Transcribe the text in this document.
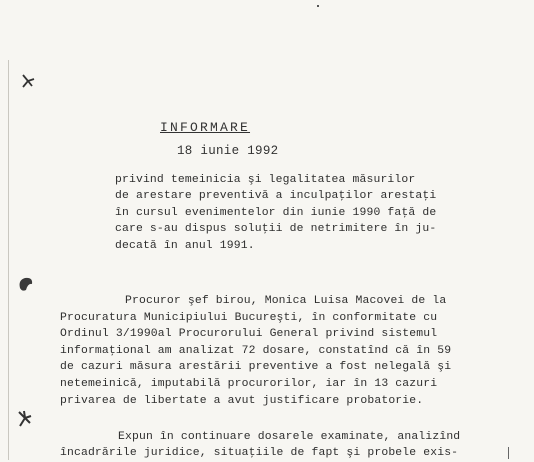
INFORMARE
18 iunie 1992
privind temeinicia şi legalitatea măsurilor
de arestare preventivă a inculpaţilor arestaţi
în cursul evenimentelor din iunie 1990 faţă de
care s-au dispus soluţii de netrimitere în ju-
decată în anul 1991.
Procuror şef birou, Monica Luisa Macovei de la
Procuratura Municipiului Bucureşti, în conformitate cu
Ordinul 3/1990al Procurorului General privind sistemul
informaţional am analizat 72 dosare, constatînd că în 59
de cazuri măsura arestării preventive a fost nelegală şi
netemeinică, imputabilă procurorilor, iar în 13 cazuri
privarea de libertate a avut justificare probatorie.
Expun în continuare dosarele examinate, analizînd
încadrările juridice, situaţiile de fapt şi probele exis-
